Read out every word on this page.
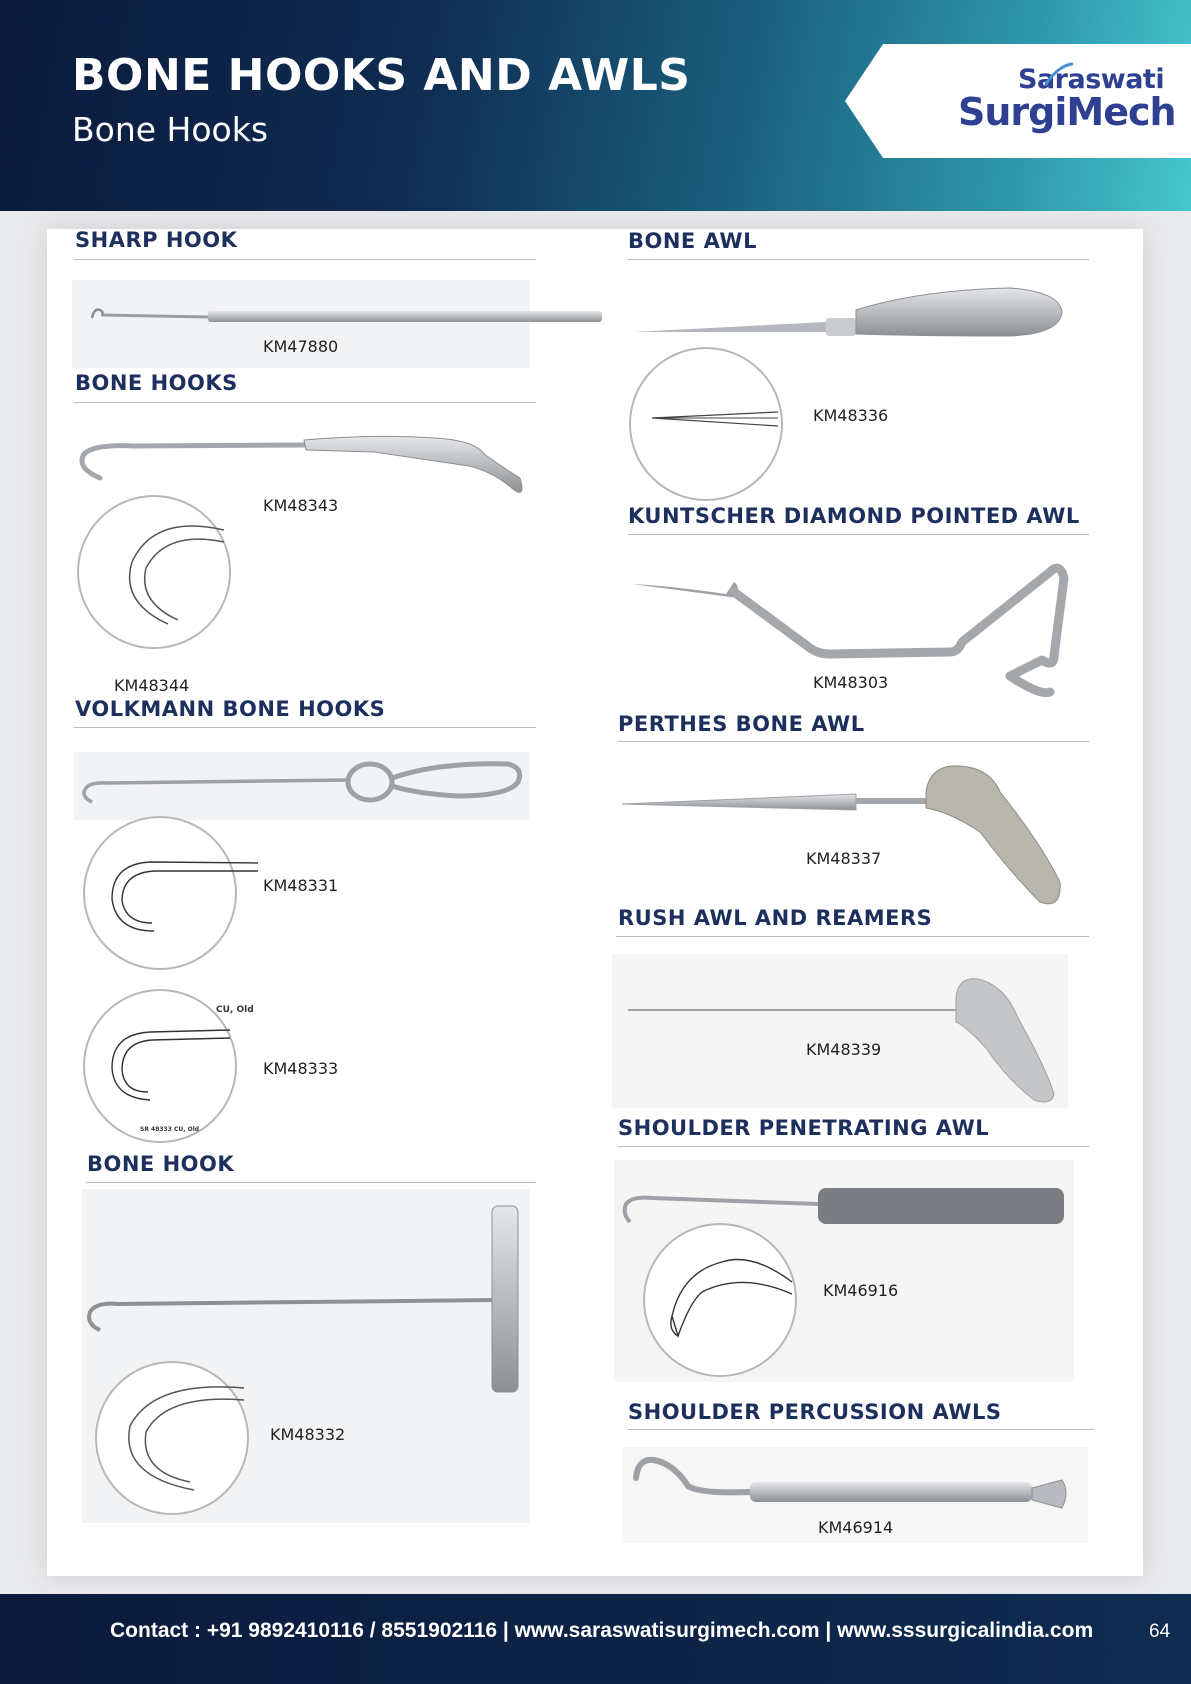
BONE HOOKS AND AWLS
Bone Hooks
Saraswati
SurgiMech
SHARP HOOK
KM47880
BONE HOOKS
KM48343
KM48344
VOLKMANN BONE HOOKS
KM48331
CU, Old
SR 48333 CU, Old
KM48333
BONE HOOK
KM48332
BONE AWL
KM48336
KUNTSCHER DIAMOND POINTED AWL
KM48303
PERTHES BONE AWL
KM48337
RUSH AWL AND REAMERS
KM48339
SHOULDER PENETRATING AWL
KM46916
SHOULDER PERCUSSION AWLS
KM46914
Contact : +91 9892410116 / 8551902116 | www.saraswatisurgimech.com | www.sssurgicalindia.com	64
